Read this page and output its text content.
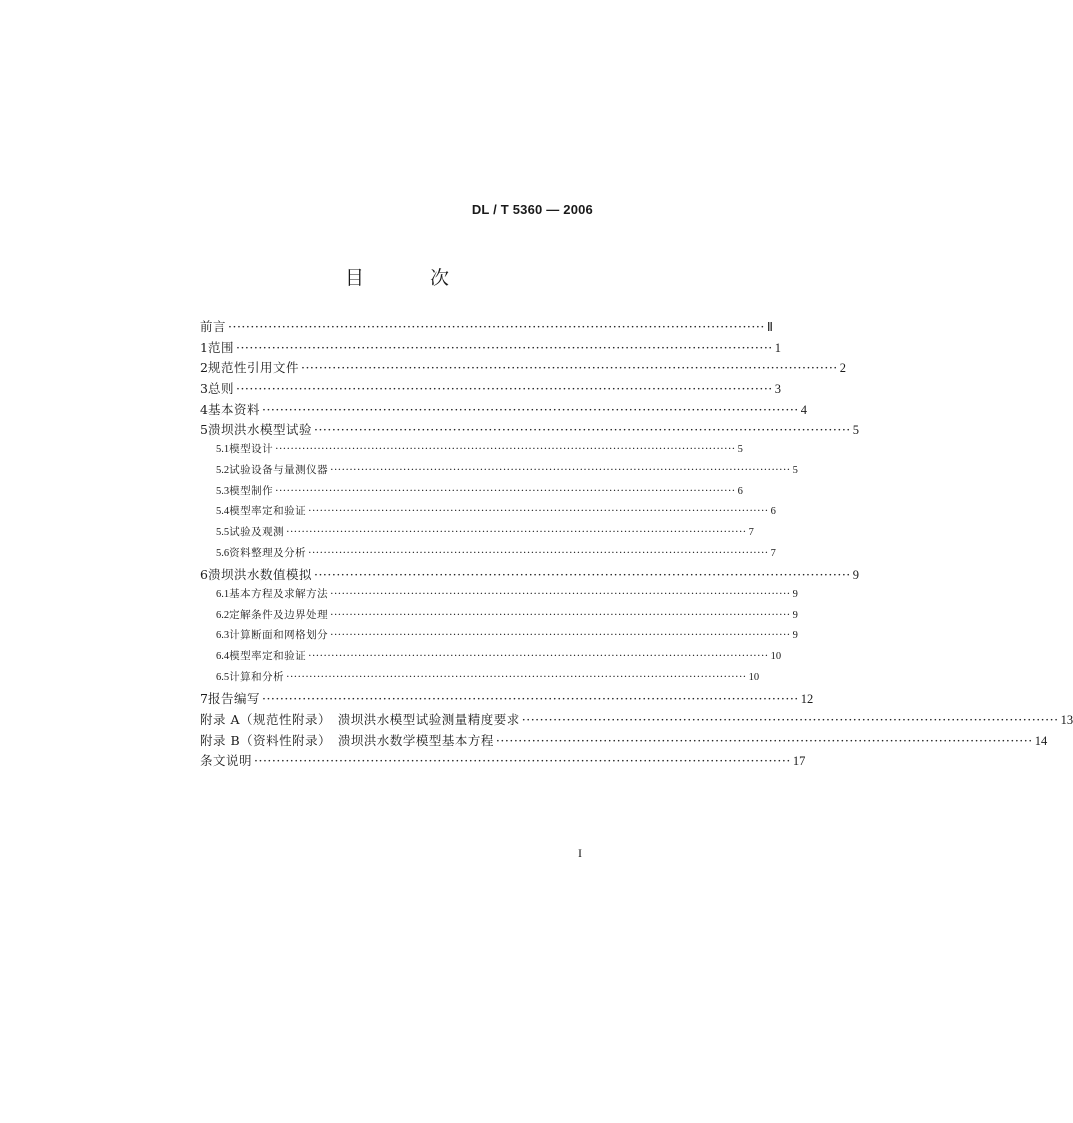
DL / T 5360 — 2006
目 次
前言 ························································································································ Ⅱ
1 范围 ························································································································ 1
2 规范性引用文件 ························································································································ 2
3 总则 ························································································································ 3
4 基本资料 ························································································································ 4
5 溃坝洪水模型试验 ························································································································ 5
5.1 模型设计 ························································································································ 5
5.2 试验设备与量测仪器 ························································································································ 5
5.3 模型制作 ························································································································ 6
5.4 模型率定和验证 ························································································································ 6
5.5 试验及观测 ························································································································ 7
5.6 资料整理及分析 ························································································································ 7
6 溃坝洪水数值模拟 ························································································································ 9
6.1 基本方程及求解方法 ························································································································ 9
6.2 定解条件及边界处理 ························································································································ 9
6.3 计算断面和网格划分 ························································································································ 9
6.4 模型率定和验证 ························································································································ 10
6.5 计算和分析 ························································································································ 10
7 报告编写 ························································································································ 12
附录 A（规范性附录）　溃坝洪水模型试验测量精度要求 ························································································································ 13
附录 B（资料性附录）　溃坝洪水数学模型基本方程 ························································································································ 14
条文说明 ························································································································ 17
I
